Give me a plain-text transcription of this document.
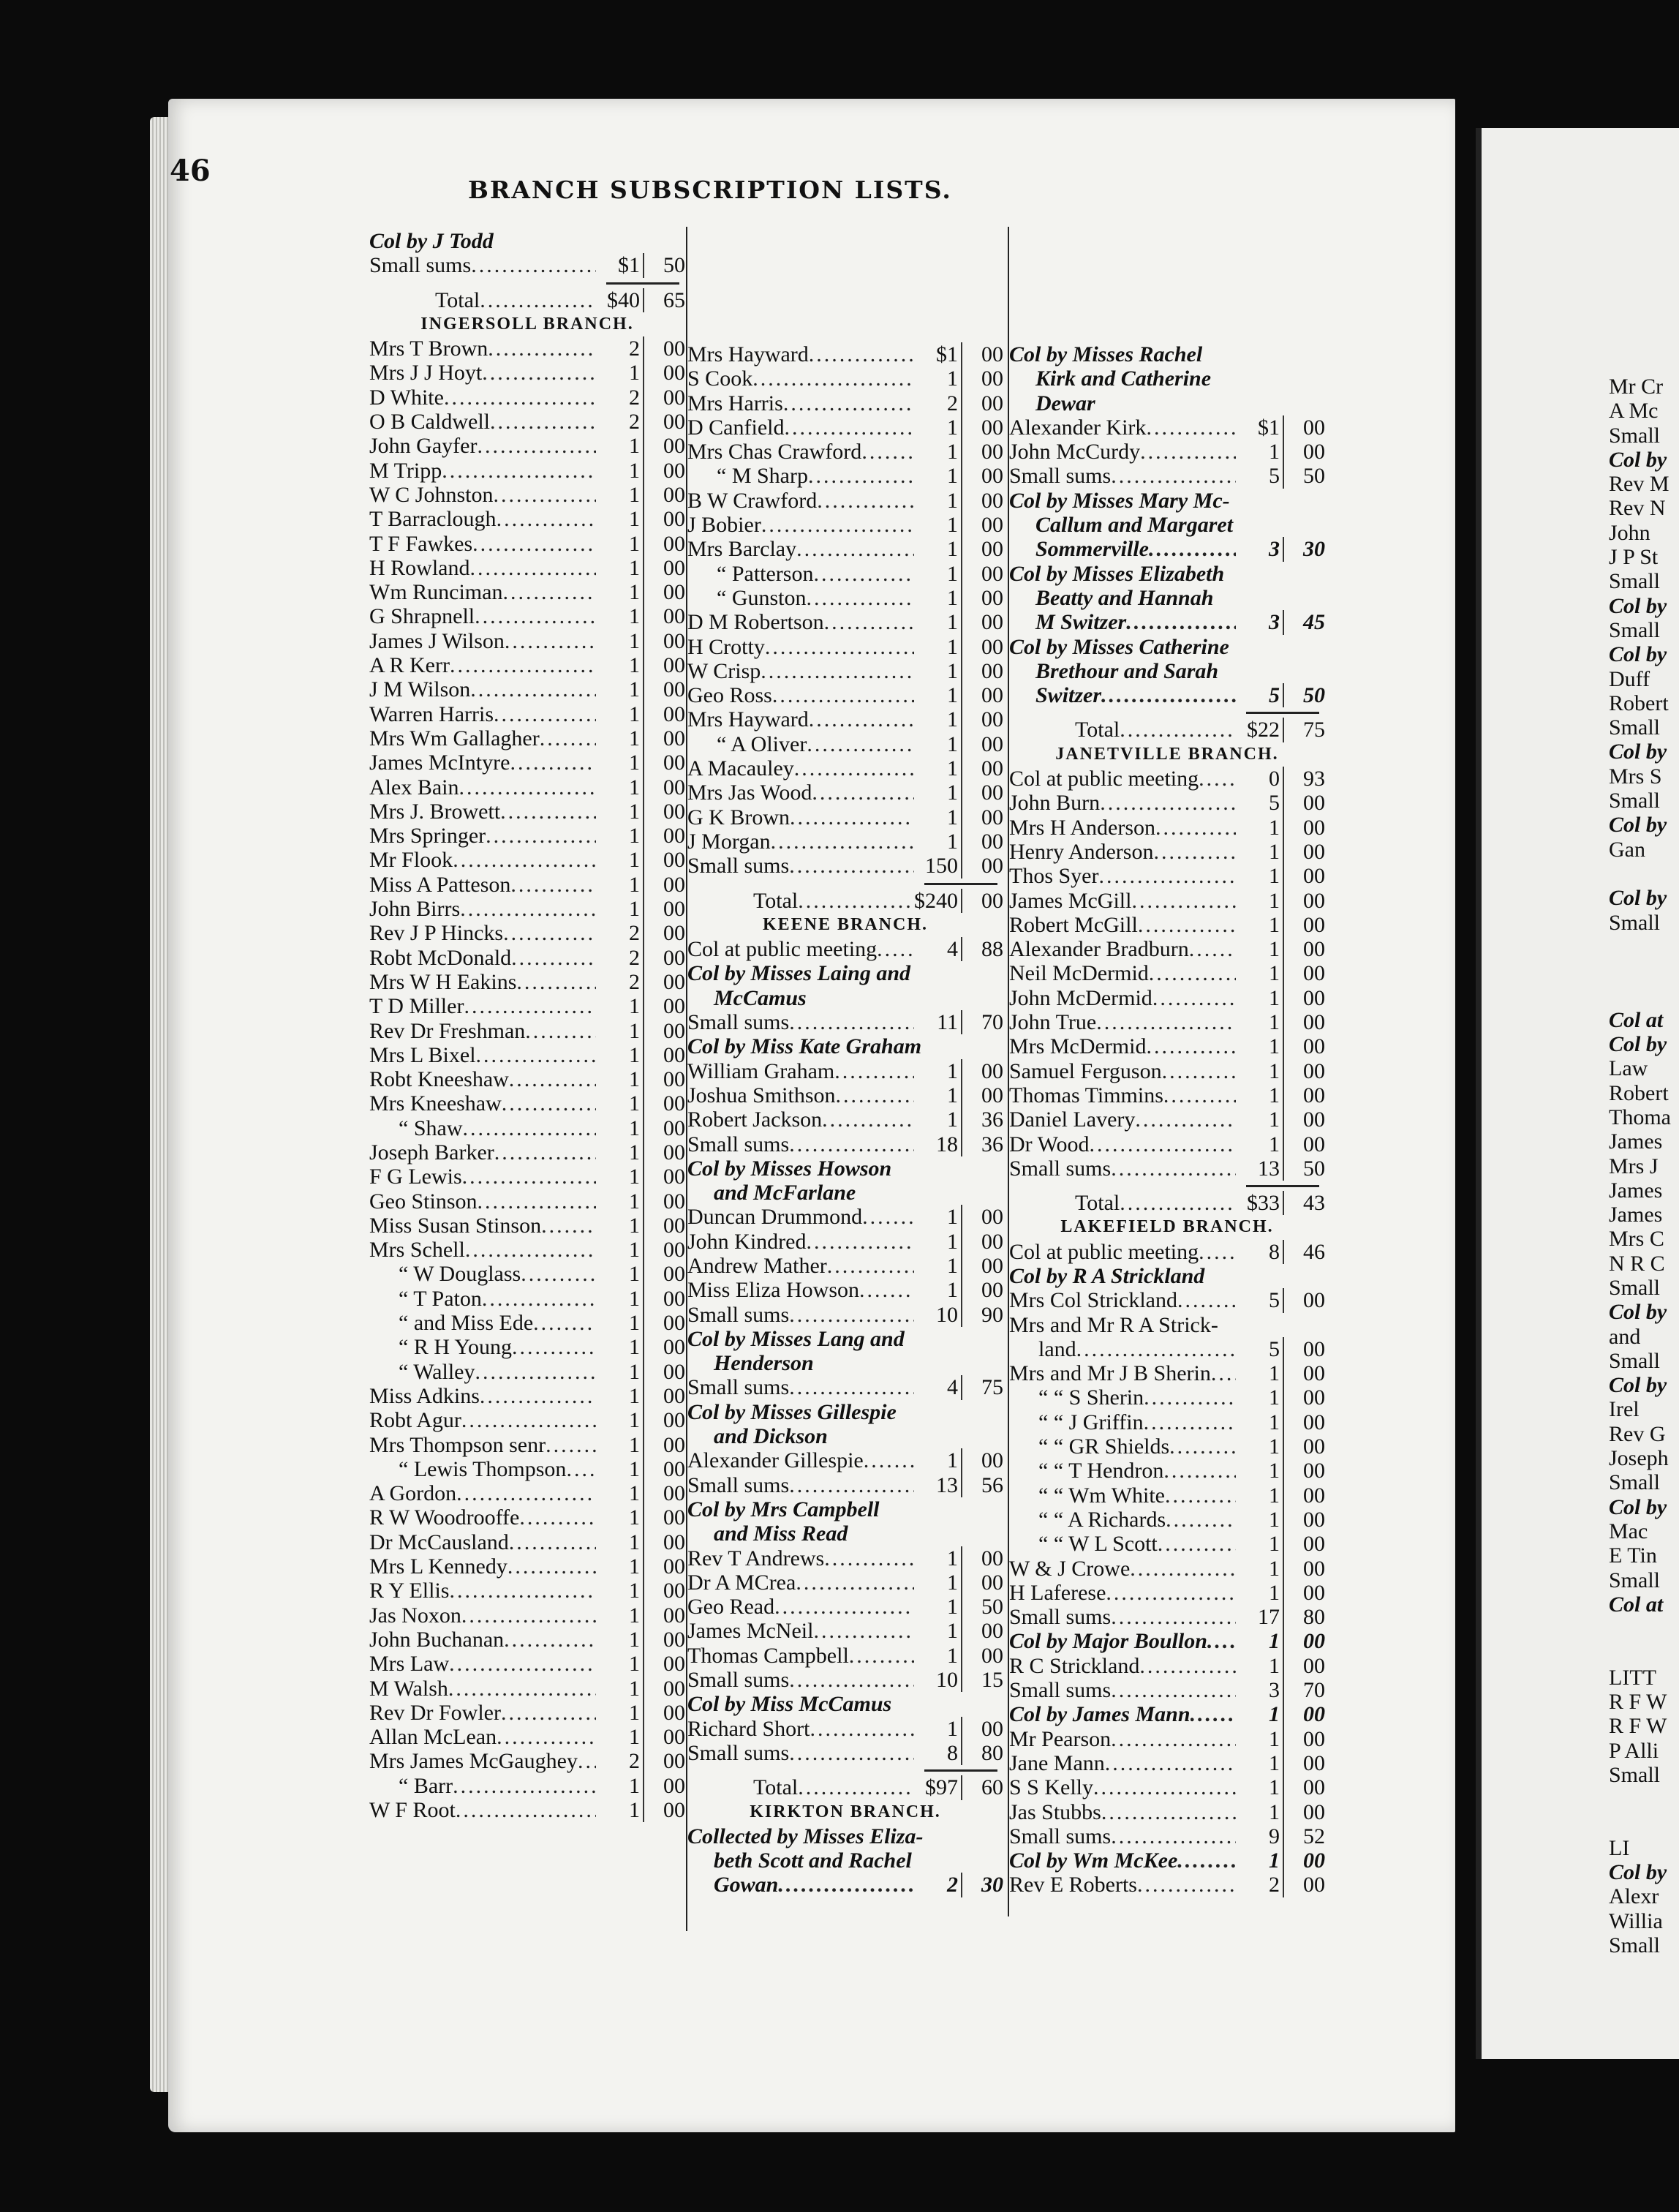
46
BRANCH SUBSCRIPTION LISTS.
Col by J Todd
Small sums .....	$1 50
Total .....	$40 65
INGERSOLL BRANCH.
Mrs T Brown .....	2 00
Mrs J J Hoyt .....	1 00
D White .....	2 00
O B Caldwell .....	2 00
John Gayfer .....	1 00
M Tripp .....	1 00
W C Johnston .....	1 00
T Barraclough .....	1 00
T F Fawkes .....	1 00
H Rowland .....	1 00
Wm Runciman .....	1 00
G Shrapnell .....	1 00
James J Wilson .....	1 00
A R Kerr .....	1 00
J M Wilson .....	1 00
Warren Harris .....	1 00
Mrs Wm Gallagher .....	1 00
James McIntyre .....	1 00
Alex Bain .....	1 00
Mrs J. Browett .....	1 00
Mrs Springer .....	1 00
Mr Flook .....	1 00
Miss A Patteson .....	1 00
John Birrs .....	1 00
Rev J P Hincks .....	2 00
Robt McDonald .....	2 00
Mrs W H Eakins .....	2 00
T D Miller .....	1 00
Rev Dr Freshman .....	1 00
Mrs L Bixel .....	1 00
Robt Kneeshaw .....	1 00
Mrs Kneeshaw .....	1 00
“ Shaw .....	1 00
Joseph Barker .....	1 00
F G Lewis .....	1 00
Geo Stinson .....	1 00
Miss Susan Stinson .....	1 00
Mrs Schell .....	1 00
“ W Douglass .....	1 00
“ T Paton .....	1 00
“ and Miss Ede .....	1 00
“ R H Young .....	1 00
“ Walley .....	1 00
Miss Adkins .....	1 00
Robt Agur .....	1 00
Mrs Thompson senr .....	1 00
“ Lewis Thompson .....	1 00
A Gordon .....	1 00
R W Woodrooffe .....	1 00
Dr McCausland .....	1 00
Mrs L Kennedy .....	1 00
R Y Ellis .....	1 00
Jas Noxon .....	1 00
John Buchanan .....	1 00
Mrs Law .....	1 00
M Walsh .....	1 00
Rev Dr Fowler .....	1 00
Allan McLean .....	1 00
Mrs James McGaughey .....	2 00
“ Barr .....	1 00
W F Root .....	1 00
Mrs Hayward .....	$1 00
S Cook .....	1 00
Mrs Harris .....	2 00
D Canfield .....	1 00
Mrs Chas Crawford .....	1 00
“ M Sharp .....	1 00
B W Crawford .....	1 00
J Bobier .....	1 00
Mrs Barclay .....	1 00
“ Patterson .....	1 00
“ Gunston .....	1 00
D M Robertson .....	1 00
H Crotty .....	1 00
W Crisp .....	1 00
Geo Ross .....	1 00
Mrs Hayward .....	1 00
“ A Oliver .....	1 00
A Macauley .....	1 00
Mrs Jas Wood .....	1 00
G K Brown .....	1 00
J Morgan .....	1 00
Small sums .....	150 00
Total .....	$240 00
KEENE BRANCH.
Col at public meeting .....	4 88
Col by Misses Laing and
McCamus
Small sums .....	11 70
Col by Miss Kate Graham
William Graham .....	1 00
Joshua Smithson .....	1 00
Robert Jackson .....	1 36
Small sums .....	18 36
Col by Misses Howson
and McFarlane
Duncan Drummond .....	1 00
John Kindred .....	1 00
Andrew Mather .....	1 00
Miss Eliza Howson .....	1 00
Small sums .....	10 90
Col by Misses Lang and
Henderson
Small sums .....	4 75
Col by Misses Gillespie
and Dickson
Alexander Gillespie .....	1 00
Small sums .....	13 56
Col by Mrs Campbell
and Miss Read
Rev T Andrews .....	1 00
Dr A MCrea .....	1 00
Geo Read .....	1 50
James McNeil .....	1 00
Thomas Campbell .....	1 00
Small sums .....	10 15
Col by Miss McCamus
Richard Short .....	1 00
Small sums .....	8 80
Total .....	$97 60
KIRKTON BRANCH.
Collected by Misses Eliza-
beth Scott and Rachel
Gowan .....	2 30
Col by Misses Rachel
Kirk and Catherine
Dewar
Alexander Kirk .....	$1 00
John McCurdy .....	1 00
Small sums .....	5 50
Col by Misses Mary Mc-
Callum and Margaret
Sommerville .....	3 30
Col by Misses Elizabeth
Beatty and Hannah
M Switzer .....	3 45
Col by Misses Catherine
Brethour and Sarah
Switzer .....	5 50
Total .....	$22 75
JANETVILLE BRANCH.
Col at public meeting .....	0 93
John Burn .....	5 00
Mrs H Anderson .....	1 00
Henry Anderson .....	1 00
Thos Syer .....	1 00
James McGill .....	1 00
Robert McGill .....	1 00
Alexander Bradburn .....	1 00
Neil McDermid .....	1 00
John McDermid .....	1 00
John True .....	1 00
Mrs McDermid .....	1 00
Samuel Ferguson .....	1 00
Thomas Timmins .....	1 00
Daniel Lavery .....	1 00
Dr Wood .....	1 00
Small sums .....	13 50
Total .....	$33 43
LAKEFIELD BRANCH.
Col at public meeting .....	8 46
Col by R A Strickland
Mrs Col Strickland .....	5 00
Mrs and Mr R A Strick-
land .....	5 00
Mrs and Mr J B Sherin .....	1 00
“ “ S Sherin .....	1 00
“ “ J Griffin .....	1 00
“ “ GR Shields .....	1 00
“ “ T Hendron .....	1 00
“ “ Wm White .....	1 00
“ “ A Richards .....	1 00
“ “ W L Scott .....	1 00
W & J Crowe .....	1 00
H Laferese .....	1 00
Small sums .....	17 80
Col by Major Boullon .....	1 00
R C Strickland .....	1 00
Small sums .....	3 70
Col by James Mann .....	1 00
Mr Pearson .....	1 00
Jane Mann .....	1 00
S S Kelly .....	1 00
Jas Stubbs .....	1 00
Small sums .....	9 52
Col by Wm McKee .....	1 00
Rev E Roberts .....	2 00
Mr Cr
A Mc
Small
Col by
Rev M
Rev N
John
J P St
Small
Col by
Small
Col by
Duff
Robert
Small
Col by
Mrs S
Small
Col by
Gan
Col by
Small
Col at
Col by
Law
Robert
Thoma
James
Mrs J
James
James
Mrs C
N R C
Small
Col by
and
Small
Col by
Irel
Rev G
Joseph
Small
Col by
Mac
E Tin
Small
Col at
LITT
R F W
R F W
P Alli
Small
LI
Col by
Alexr
Willia
Small
